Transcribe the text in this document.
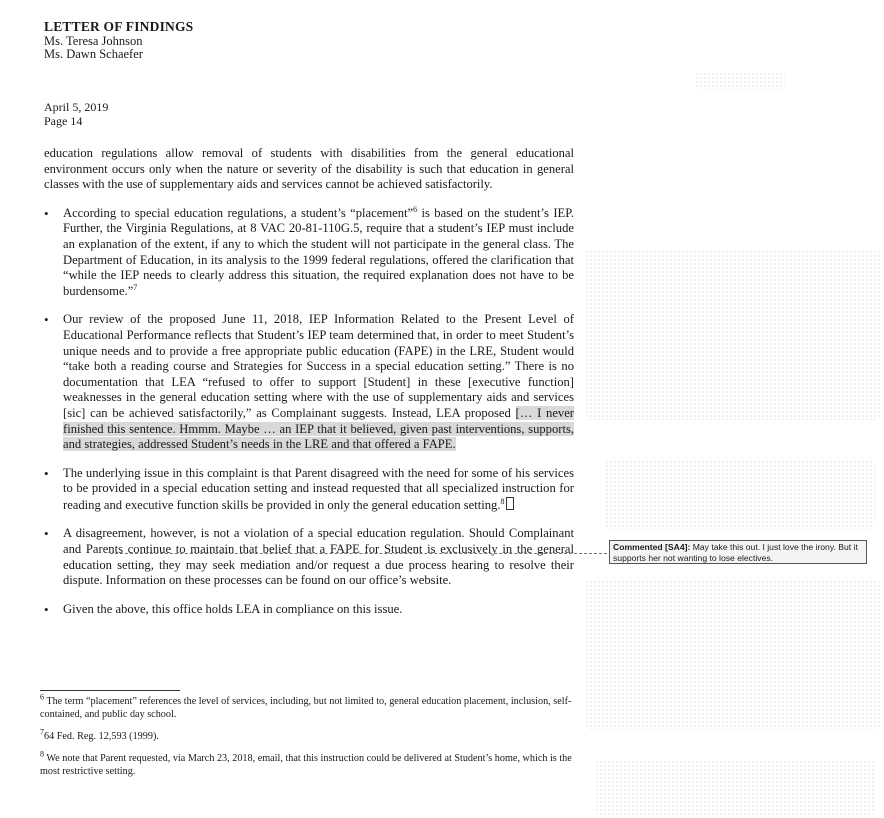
LETTER OF FINDINGS
Ms. Teresa Johnson
Ms. Dawn Schaefer

April 5, 2019
Page 14

education regulations allow removal of students with disabilities from the general educational environment occurs only when the nature or severity of the disability is such that education in general classes with the use of supplementary aids and services cannot be achieved satisfactorily.

• According to special education regulations, a student’s “placement”$^6$ is based on the student’s IEP. Further, the Virginia Regulations, at 8 VAC 20-81-110G.5, require that a student’s IEP must include an explanation of the extent, if any to which the student will not participate in the general class. The Department of Education, in its analysis to the 1999 federal regulations, offered the clarification that “while the IEP needs to clearly address this situation, the required explanation does not have to be burdensome.”$^7$
• Our review of the proposed June 11, 2018, IEP Information Related to the Present Level of Educational Performance reflects that Student’s IEP team determined that, in order to meet Student’s unique needs and to provide a free appropriate public education (FAPE) in the LRE, Student would “take both a reading course and Strategies for Success in a special education setting.” There is no documentation that LEA “refused to offer to support [Student] in these [executive function] weaknesses in the general education setting where with the use of supplementary aids and services [sic] can be achieved satisfactorily,” as Complainant suggests. Instead, LEA proposed [… I never finished this sentence. Hmmm. Maybe … an IEP that it believed, given past interventions, supports, and strategies, addressed Student’s needs in the LRE and that offered a FAPE.
• The underlying issue in this complaint is that Parent disagreed with the need for some of his services to be provided in a special education setting and instead requested that all specialized instruction for reading and executive function skills be provided in only the general education setting.$^8$
• A disagreement, however, is not a violation of a special education regulation. Should Complainant and Parents continue to maintain that belief that a FAPE for Student is exclusively in the general education setting, they may seek mediation and/or request a due process hearing to resolve their dispute. Information on these processes can be found on our office’s website.
• Given the above, this office holds LEA in compliance on this issue.

$^6$ The term “placement” references the level of services, including, but not limited to, general education placement, inclusion, self-contained, and public day school.

$^7$64 Fed. Reg. 12,593 (1999).

$^8$ We note that Parent requested, via March 23, 2018, email, that this instruction could be delivered at Student’s home, which is the most restrictive setting.

Commented [SA4]: May take this out. I just love the irony. But it supports her not wanting to lose electives.
